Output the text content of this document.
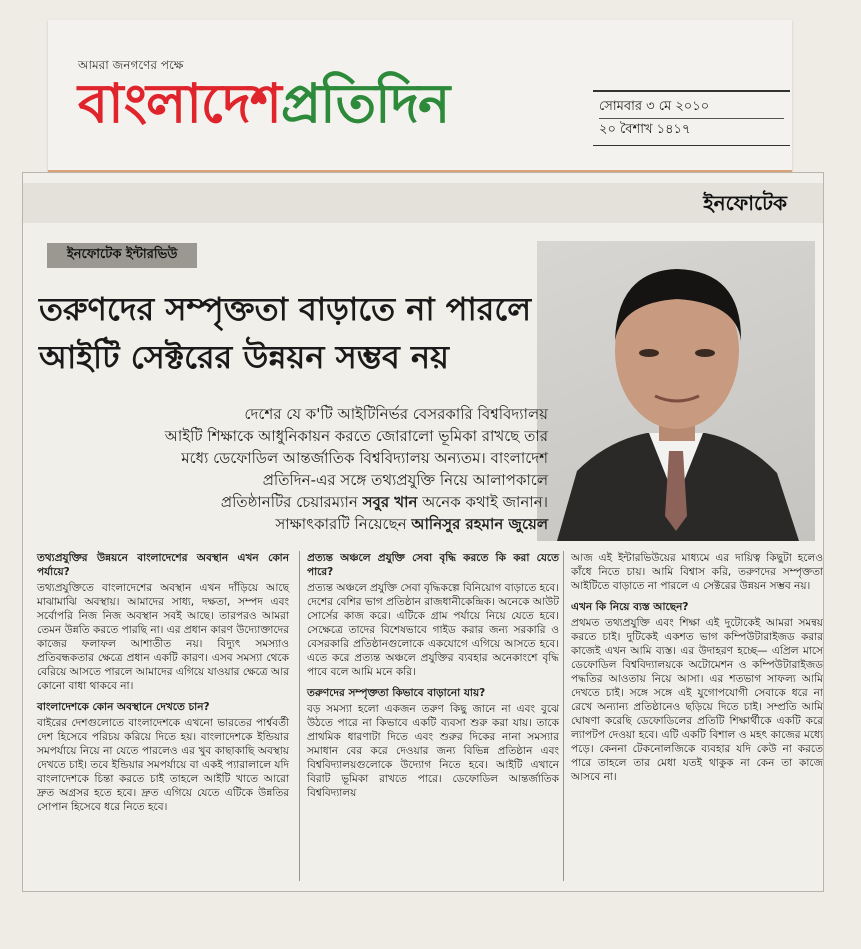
আমরা জনগণের পক্ষে
বাংলাদেশপ্রতিদিন	সোমবার ৩ মে ২০১০
২০ বৈশাখ ১৪১৭
ইনফোটেক
ইনফোটেক ইন্টারভিউ
তরুণদের সম্পৃক্ততা বাড়াতে না পারলে
আইটি সেক্টরের উন্নয়ন সম্ভব নয়
দেশের যে ক'টি আইটিনির্ভর বেসরকারি বিশ্ববিদ্যালয়
আইটি শিক্ষাকে আধুনিকায়ন করতে জোরালো ভূমিকা রাখছে তার
মধ্যে ডেফোডিল আন্তর্জাতিক বিশ্ববিদ্যালয় অন্যতম। বাংলাদেশ
প্রতিদিন-এর সঙ্গে তথ্যপ্রযুক্তি নিয়ে আলাপকালে
প্রতিষ্ঠানটির চেয়ারম্যান সবুর খান অনেক কথাই জানান।
সাক্ষাৎকারটি নিয়েছেন আনিসুর রহমান জুয়েল
তথ্যপ্রযুক্তির উন্নয়নে বাংলাদেশের অবস্থান এখন কোন পর্যায়ে?
তথ্যপ্রযুক্তিতে বাংলাদেশের অবস্থান এখন দাঁড়িয়ে আছে মাঝামাঝি অবস্থায়। আমাদের সাধ্য, দক্ষতা, সম্পদ এবং সর্বোপরি নিজ নিজ অবস্থান সবই আছে। তারপরও আমরা তেমন উন্নতি করতে পারছি না। এর প্রধান কারণ উদ্যোক্তাদের কাজের ফলাফল আশাতীত নয়। বিদ্যুৎ সমস্যাও প্রতিবন্ধকতার ক্ষেত্রে প্রধান একটি কারণ। এসব সমস্যা থেকে বেরিয়ে আসতে পারলে আমাদের এগিয়ে যাওয়ার ক্ষেত্রে আর কোনো বাধা থাকবে না।
বাংলাদেশকে কোন অবস্থানে দেখতে চান?
বাইরের দেশগুলোতে বাংলাদেশকে এখনো ভারতের পার্শ্ববর্তী দেশ হিসেবে পরিচয় করিয়ে দিতে হয়। বাংলাদেশকে ইন্ডিয়ার সমপর্যায়ে নিয়ে না যেতে পারলেও এর খুব কাছাকাছি অবস্থায় দেখতে চাই। তবে ইন্ডিয়ার সমপর্যায়ে বা একই প্যারালালে যদি বাংলাদেশকে চিন্তা করতে চাই তাহলে আইটি খাতে আরো দ্রুত অগ্রসর হতে হবে। দ্রুত এগিয়ে যেতে এটিকে উন্নতির সোপান হিসেবে ধরে নিতে হবে।
প্রত্যন্ত অঞ্চলে প্রযুক্তি সেবা বৃদ্ধি করতে কি করা যেতে পারে?
প্রত্যন্ত অঞ্চলে প্রযুক্তি সেবা বৃদ্ধিকল্পে বিনিয়োগ বাড়াতে হবে। দেশের বেশির ভাগ প্রতিষ্ঠান রাজধানীকেন্দ্রিক। অনেকে আউট সোর্সের কাজ করে। এটিকে গ্রাম পর্যায়ে নিয়ে যেতে হবে। সেক্ষেত্রে তাদের বিশেষভাবে গাইড করার জন্য সরকারি ও বেসরকারি প্রতিষ্ঠানগুলোকে একযোগে এগিয়ে আসতে হবে। এতে করে প্রত্যন্ত অঞ্চলে প্রযুক্তির ব্যবহার অনেকাংশে বৃদ্ধি পাবে বলে আমি মনে করি।
তরুণদের সম্পৃক্ততা কিভাবে বাড়ানো যায়?
বড় সমস্যা হলো একজন তরুণ কিছু জানে না এবং বুঝে উঠতে পারে না কিভাবে একটি ব্যবসা শুরু করা যায়। তাকে প্রাথমিক ধারণাটা দিতে এবং শুরুর দিকের নানা সমস্যার সমাধান বের করে দেওয়ার জন্য বিভিন্ন প্রতিষ্ঠান এবং বিশ্ববিদ্যালয়গুলোকে উদ্যোগ নিতে হবে। আইটি এখানে বিরাট ভূমিকা রাখতে পারে। ডেফোডিল আন্তর্জাতিক বিশ্ববিদ্যালয়
আজ এই ইন্টারভিউয়ের মাধ্যমে এর দায়িত্ব কিছুটা হলেও কাঁধে নিতে চায়। আমি বিশ্বাস করি, তরুণদের সম্পৃক্ততা আইটিতে বাড়াতে না পারলে এ সেক্টরের উন্নয়ন সম্ভব নয়।
এখন কি নিয়ে ব্যস্ত আছেন?
প্রথমত তথ্যপ্রযুক্তি এবং শিক্ষা এই দুটোকেই আমরা সমন্বয় করতে চাই। দুটিকেই একশত ভাগ কম্পিউটারাইজড করার কাজেই এখন আমি ব্যস্ত। এর উদাহরণ হচ্ছে— এপ্রিল মাসে ডেফোডিল বিশ্ববিদ্যালয়কে অটোমেশন ও কম্পিউটারাইজড পদ্ধতির আওতায় নিয়ে আসা। এর শতভাগ সাফল্য আমি দেখতে চাই। সঙ্গে সঙ্গে এই যুগোপযোগী সেবাকে ধরে না রেখে অন্যান্য প্রতিষ্ঠানেও ছড়িয়ে দিতে চাই। সম্প্রতি আমি ঘোষণা করেছি ডেফোডিলের প্রতিটি শিক্ষার্থীকে একটি করে ল্যাপটপ দেওয়া হবে। এটি একটি বিশাল ও মহৎ কাজের মধ্যে পড়ে। কেননা টেকনোলজিকে ব্যবহার যদি কেউ না করতে পারে তাহলে তার মেধা যতই থাকুক না কেন তা কাজে আসবে না।
